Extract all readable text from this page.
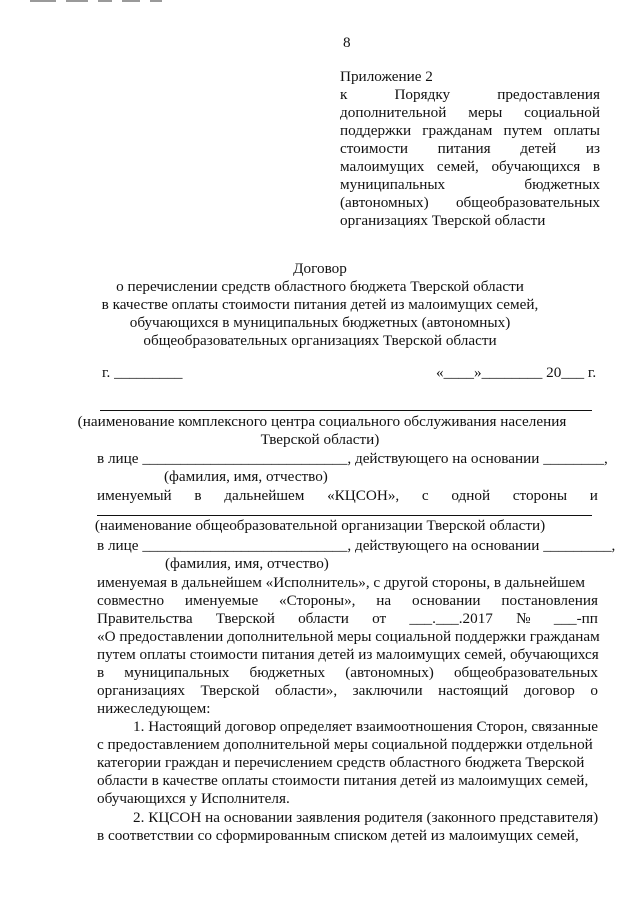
8
Приложение 2
к	Порядку	предоставления
дополнительной меры социальной
поддержки гражданам путем оплаты
стоимости питания детей из
малоимущих семей, обучающихся в
муниципальных	бюджетных
(автономных) общеобразовательных
организациях Тверской области
Договор
о перечислении средств областного бюджета Тверской области
в качестве оплаты стоимости питания детей из малоимущих семей,
обучающихся в муниципальных бюджетных (автономных)
общеобразовательных организациях Тверской области
г. _________	«____»________ 20___ г.
(наименование комплексного центра социального обслуживания населения
Тверской области)
в лице ___________________________, действующего на основании ________,
(фамилия, имя, отчество)
именуемый в дальнейшем «КЦСОН», с одной стороны и
(наименование общеобразовательной организации Тверской области)
в лице ___________________________, действующего на основании _________,
(фамилия, имя, отчество)
именуемая в дальнейшем «Исполнитель», с другой стороны, в дальнейшем
совместно именуемые «Стороны», на основании постановления
Правительства Тверской области от ___.___.2017 № ___-пп
«О предоставлении дополнительной меры социальной поддержки гражданам
путем оплаты стоимости питания детей из малоимущих семей, обучающихся
в муниципальных бюджетных (автономных) общеобразовательных
организациях Тверской области», заключили настоящий договор о
нижеследующем:
1. Настоящий договор определяет взаимоотношения Сторон, связанные
с предоставлением дополнительной меры социальной поддержки отдельной
категории граждан и перечислением средств областного бюджета Тверской
области в качестве оплаты стоимости питания детей из малоимущих семей,
обучающихся у Исполнителя.
2. КЦСОН на основании заявления родителя (законного представителя)
в соответствии со сформированным списком детей из малоимущих семей,
